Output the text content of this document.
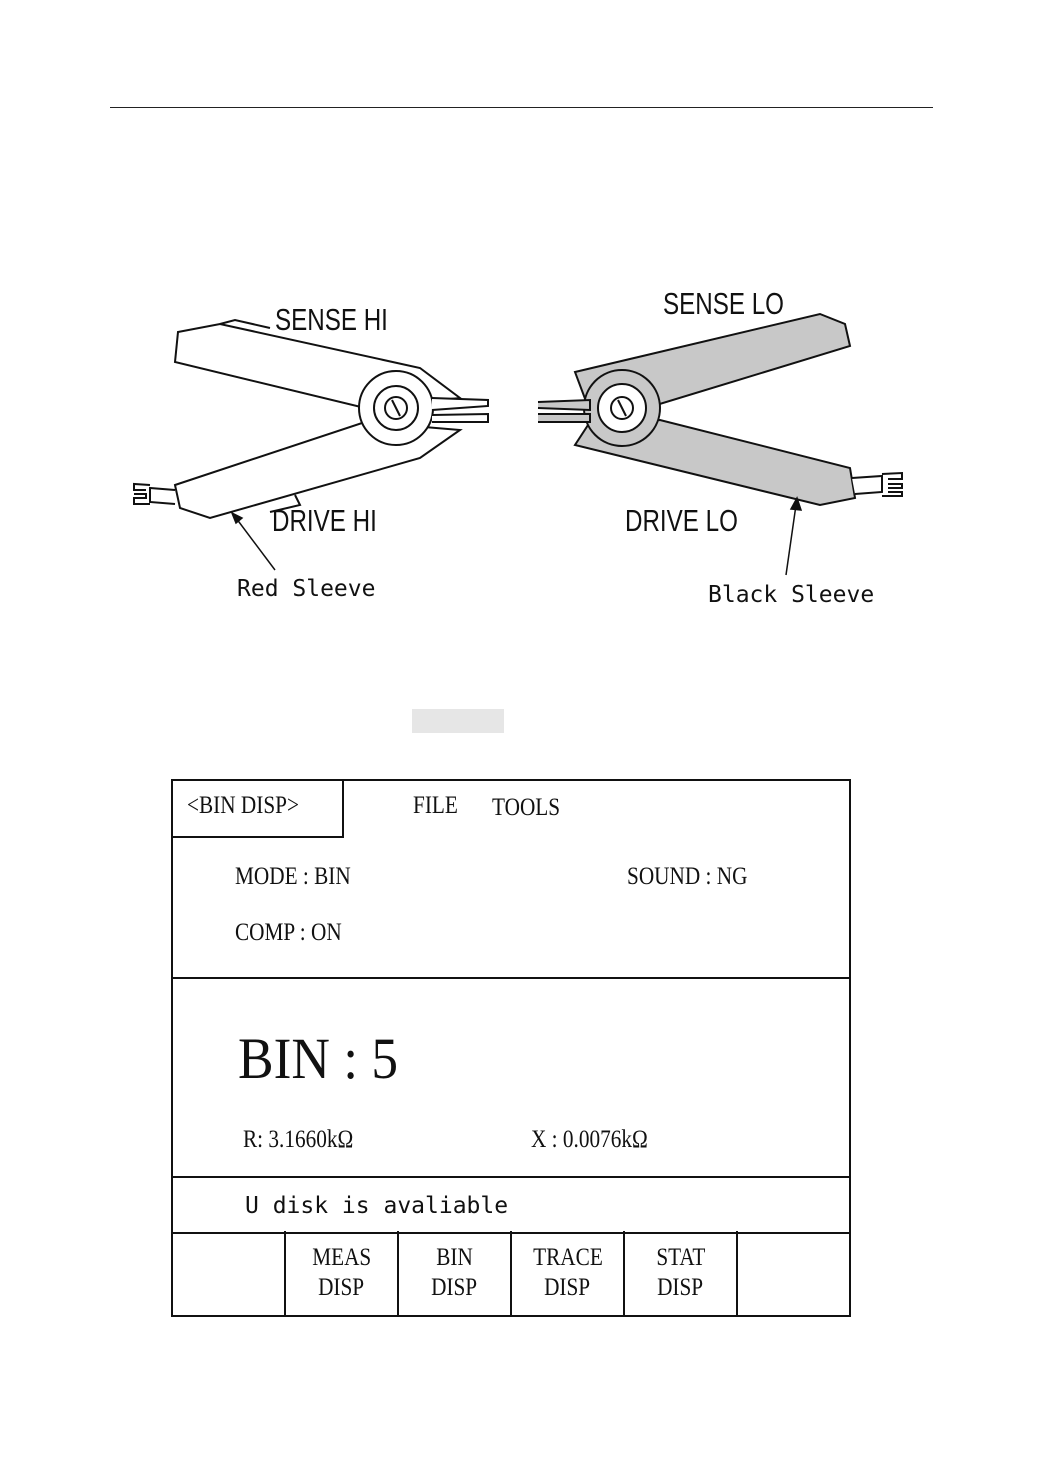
SENSE HI	SENSE LO
DRIVE HI	DRIVE LO
Red Sleeve	Black Sleeve
<BIN DISP>	FILE TOOLS
MODE : BIN	SOUND : NG
COMP : ON
BIN : 5
R: 3.1660kΩ	X : 0.0076kΩ
U disk is avaliable
MEAS
DISP
BIN
DISP
TRACE
DISP
STAT
DISP
